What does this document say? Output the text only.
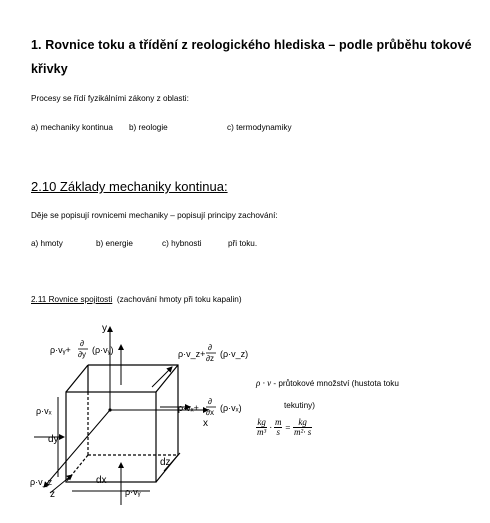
1. Rovnice toku a třídění z reologického hlediska – podle průběhu tokové
křivky
Procesy se řídí fyzikálními zákony z oblasti:
a) mechaniky kontinua b) reologie	c) termodynamiky
2.10 Základy mechaniky kontinua:
Děje se popisují rovnicemi mechaniky – popisují principy zachování:
a) hmoty	b) energie	c) hybnosti	při toku.
2.11 Rovnice spojitosti (zachování hmoty při toku kapalin)
y
x
z
dx
dy
dz
ρ·vₓ
ρ·vᵧ
ρ·v_z
ρ·vᵧ+
∂
∂y (ρ·vᵧ)	ρ·v_z+
∂
∂z (ρ·v_z)
ρ·vₓ+
∂
∂x (ρ·vₓ)
ρ · v - průtokové množství (hustota toku
tekutiny)
$\frac{kg}{\text{m³}} \cdot \frac{m}{s} = \frac{kg}{\text{m²· s}}$
